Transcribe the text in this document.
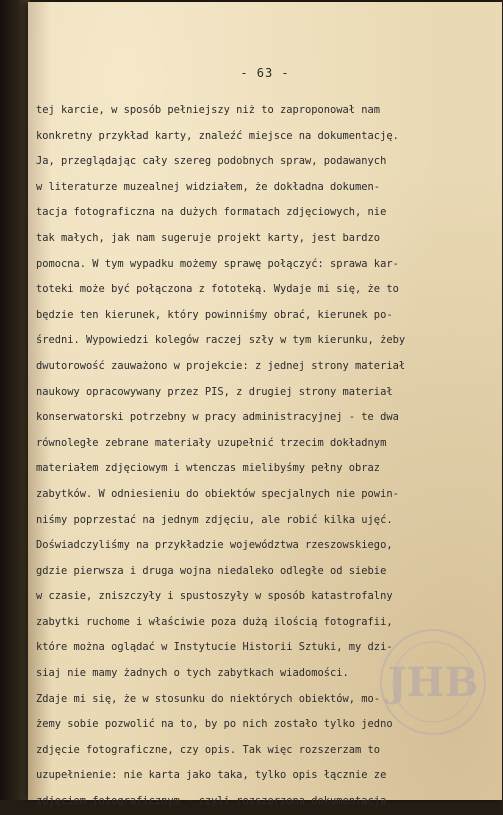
- 63 -
tej karcie, w sposób pełniejszy niż to zaproponował nam
konkretny przykład karty, znaleźć miejsce na dokumentację.
Ja, przeglądając cały szereg podobnych spraw, podawanych
w literaturze muzealnej widziałem, że dokładna dokumen-
tacja fotograficzna na dużych formatach zdjęciowych, nie
tak małych, jak nam sugeruje projekt karty, jest bardzo
pomocna. W tym wypadku możemy sprawę połączyć: sprawa kar-
toteki może być połączona z fototeką. Wydaje mi się, że to
będzie ten kierunek, który powinniśmy obrać, kierunek po-
średni. Wypowiedzi kolegów raczej szły w tym kierunku, żeby
dwutorowość zauważono w projekcie: z jednej strony materiał
naukowy opracowywany przez PIS, z drugiej strony materiał
konserwatorski potrzebny w pracy administracyjnej - te dwa
równoległe zebrane materiały uzupełnić trzecim dokładnym
materiałem zdjęciowym i wtenczas mielibyśmy pełny obraz
zabytków. W odniesieniu do obiektów specjalnych nie powin-
niśmy poprzestać na jednym zdjęciu, ale robić kilka ujęć.
Doświadczyliśmy na przykładzie województwa rzeszowskiego,
gdzie pierwsza i druga wojna niedaleko odległe od siebie
w czasie, zniszczyły i spustoszyły w sposób katastrofalny
zabytki ruchome i właściwie poza dużą ilością fotografii,
które można oglądać w Instytucie Historii Sztuki, my dzi-
siaj nie mamy żadnych o tych zabytkach wiadomości.
Zdaje mi się, że w stosunku do niektórych obiektów, mo-
żemy sobie pozwolić na to, by po nich zostało tylko jedno
zdjęcie fotograficzne, czy opis. Tak więc rozszerzam to
uzupełnienie: nie karta jako taka, tylko opis łącznie ze
zdjęciem fotograficznym - czyli rozszerzona dokumentacja
JHB
